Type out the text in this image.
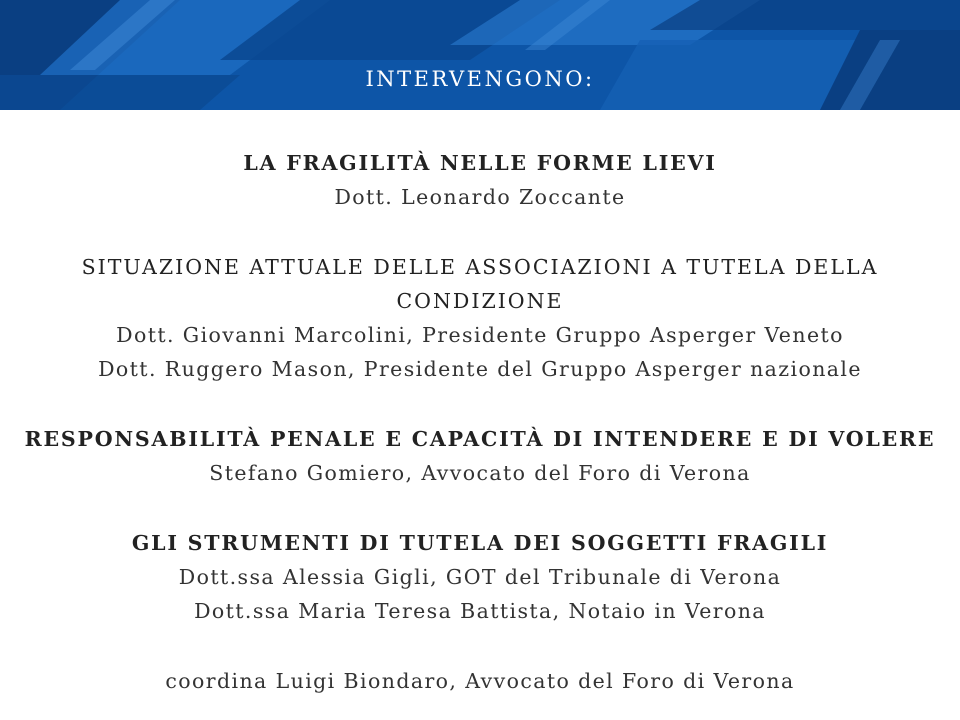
INTERVENGONO:
LA FRAGILITÀ NELLE FORME LIEVI
Dott. Leonardo Zoccante
SITUAZIONE ATTUALE DELLE ASSOCIAZIONI A TUTELA DELLA
CONDIZIONE
Dott. Giovanni Marcolini, Presidente Gruppo Asperger Veneto
Dott. Ruggero Mason, Presidente del Gruppo Asperger nazionale
RESPONSABILITÀ PENALE E CAPACITÀ DI INTENDERE E DI VOLERE
Stefano Gomiero, Avvocato del Foro di Verona
GLI STRUMENTI DI TUTELA DEI SOGGETTI FRAGILI
Dott.ssa Alessia Gigli, GOT del Tribunale di Verona
Dott.ssa Maria Teresa Battista, Notaio in Verona
coordina Luigi Biondaro, Avvocato del Foro di Verona
